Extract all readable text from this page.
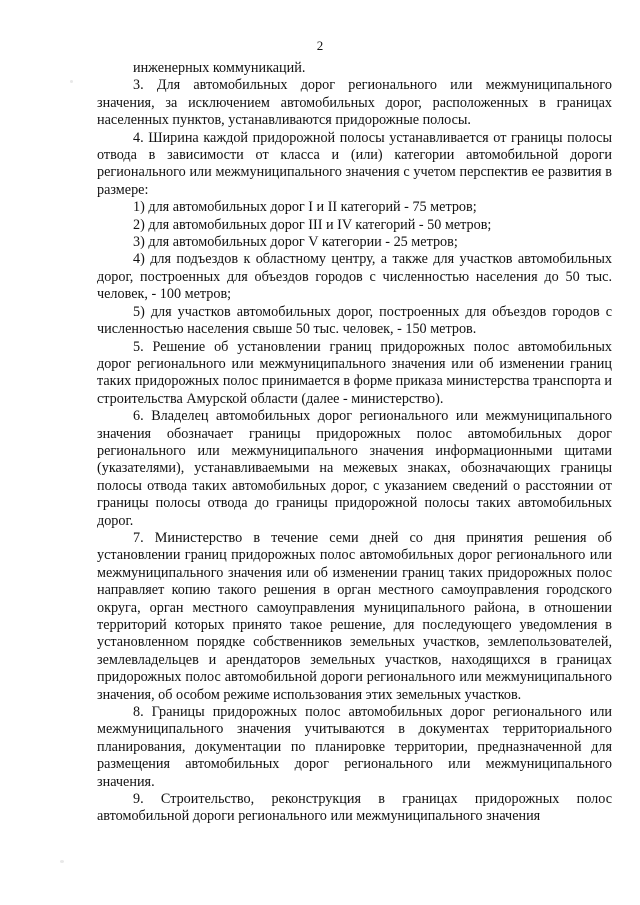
2

инженерных коммуникаций.

3. Для автомобильных дорог регионального или межмуниципального значения, за исключением автомобильных дорог, расположенных в границах населенных пунктов, устанавливаются придорожные полосы.

4. Ширина каждой придорожной полосы устанавливается от границы полосы отвода в зависимости от класса и (или) категории автомобильной дороги регионального или межмуниципального значения с учетом перспектив ее развития в размере:

1) для автомобильных дорог I и II категорий - 75 метров;

2) для автомобильных дорог III и IV категорий - 50 метров;

3) для автомобильных дорог V категории - 25 метров;

4) для подъездов к областному центру, а также для участков автомобильных дорог, построенных для объездов городов с численностью населения до 50 тыс. человек, - 100 метров;

5) для участков автомобильных дорог, построенных для объездов городов с численностью населения свыше 50 тыс. человек, - 150 метров.

5. Решение об установлении границ придорожных полос автомобильных дорог регионального или межмуниципального значения или об изменении границ таких придорожных полос принимается в форме приказа министерства транспорта и строительства Амурской области (далее - министерство).

6. Владелец автомобильных дорог регионального или межмуниципального значения обозначает границы придорожных полос автомобильных дорог регионального или межмуниципального значения информационными щитами (указателями), устанавливаемыми на межевых знаках, обозначающих границы полосы отвода таких автомобильных дорог, с указанием сведений о расстоянии от границы полосы отвода до границы придорожной полосы таких автомобильных дорог.

7. Министерство в течение семи дней со дня принятия решения об установлении границ придорожных полос автомобильных дорог регионального или межмуниципального значения или об изменении границ таких придорожных полос направляет копию такого решения в орган местного самоуправления городского округа, орган местного самоуправления муниципального района, в отношении территорий которых принято такое решение, для последующего уведомления в установленном порядке собственников земельных участков, землепользователей, землевладельцев и арендаторов земельных участков, находящихся в границах придорожных полос автомобильной дороги регионального или межмуниципального значения, об особом режиме использования этих земельных участков.

8. Границы придорожных полос автомобильных дорог регионального или межмуниципального значения учитываются в документах территориального планирования, документации по планировке территории, предназначенной для размещения автомобильных дорог регионального или межмуниципального значения.

9. Строительство, реконструкция в границах придорожных полос автомобильной дороги регионального или межмуниципального значения
